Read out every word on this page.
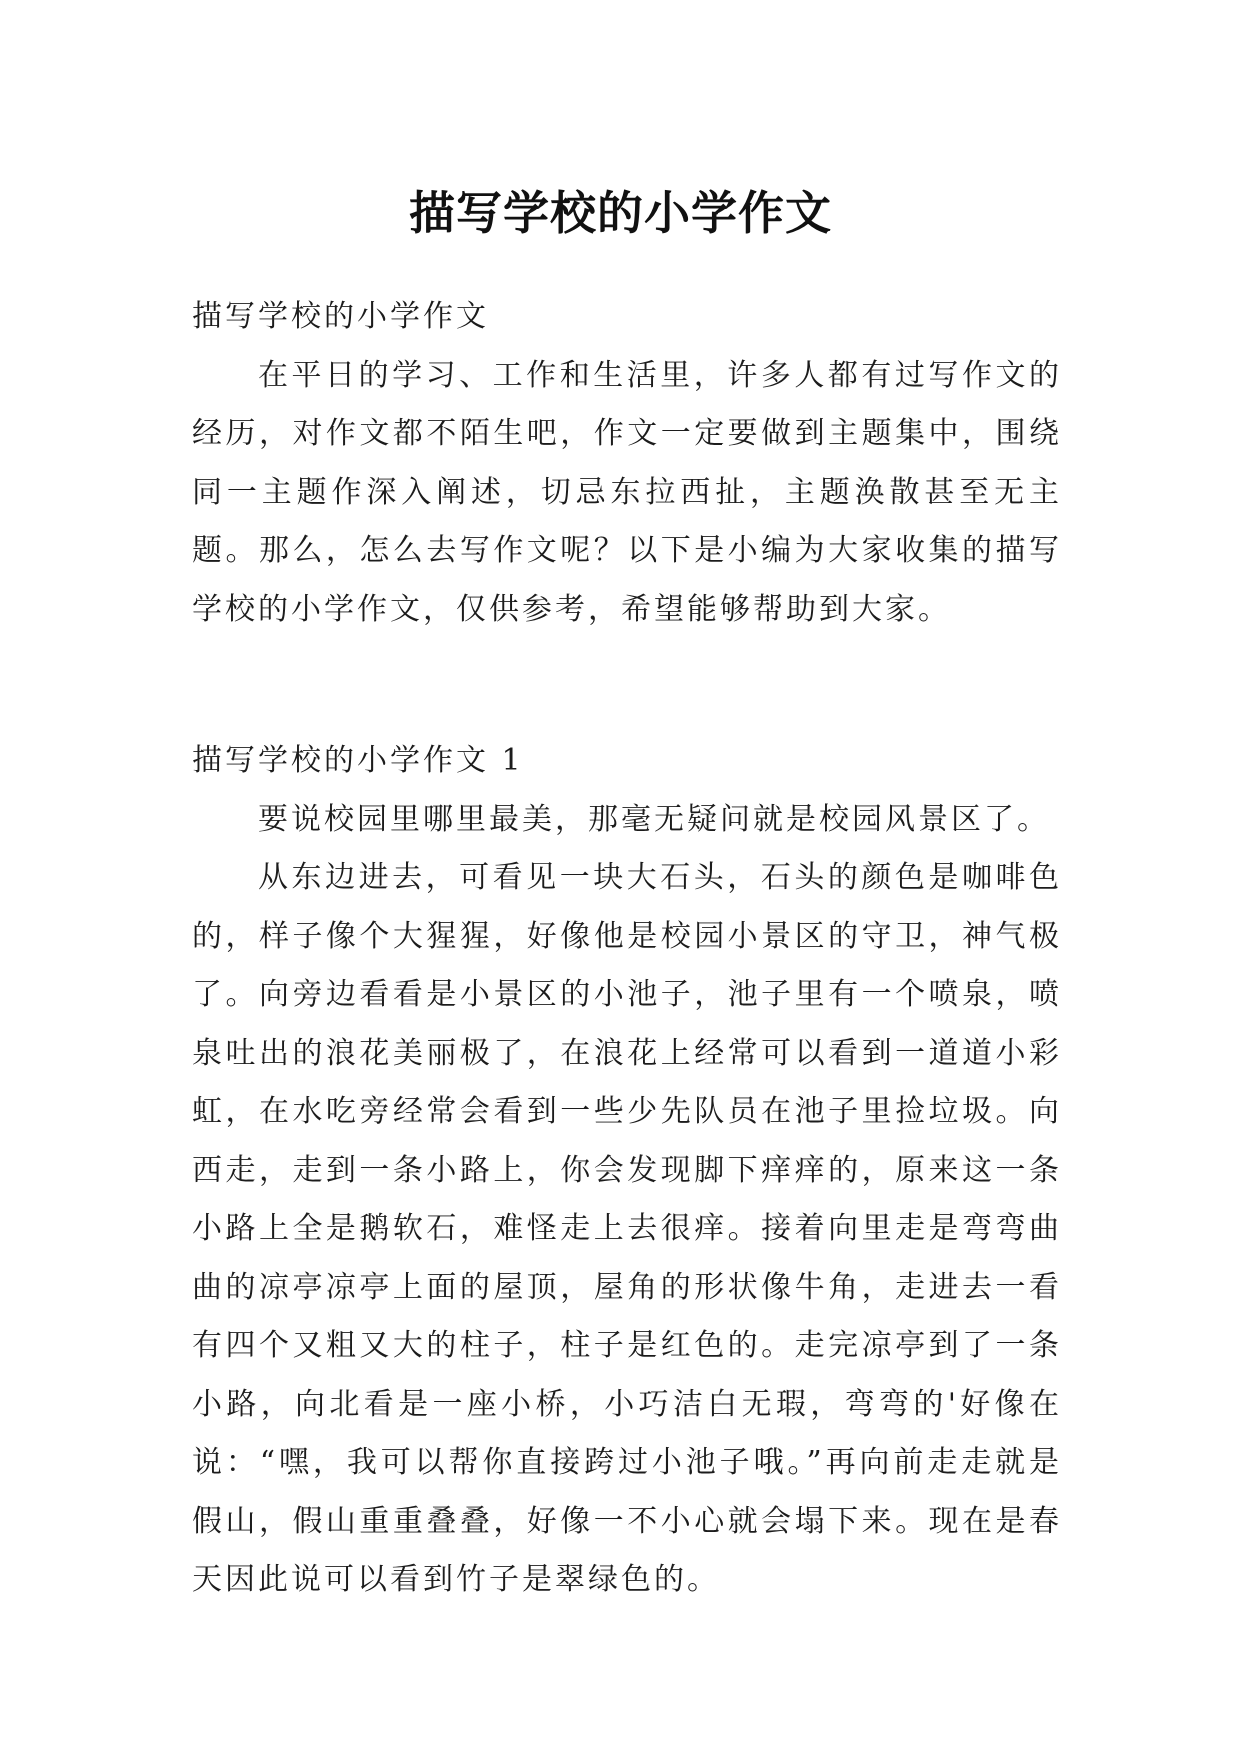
描写学校的小学作文

描写学校的小学作文

在平日的学习、工作和生活里，许多人都有过写作文的经历，对作文都不陌生吧，作文一定要做到主题集中，围绕同一主题作深入阐述，切忌东拉西扯，主题涣散甚至无主题。那么，怎么去写作文呢？以下是小编为大家收集的描写学校的小学作文，仅供参考，希望能够帮助到大家。

描写学校的小学作文 1

要说校园里哪里最美，那毫无疑问就是校园风景区了。

从东边进去，可看见一块大石头，石头的颜色是咖啡色的，样子像个大猩猩，好像他是校园小景区的守卫，神气极了。向旁边看看是小景区的小池子，池子里有一个喷泉，喷泉吐出的浪花美丽极了，在浪花上经常可以看到一道道小彩虹，在水吃旁经常会看到一些少先队员在池子里捡垃圾。向西走，走到一条小路上，你会发现脚下痒痒的，原来这一条小路上全是鹅软石，难怪走上去很痒。接着向里走是弯弯曲曲的凉亭凉亭上面的屋顶，屋角的形状像牛角，走进去一看有四个又粗又大的柱子，柱子是红色的。走完凉亭到了一条小路，向北看是一座小桥，小巧洁白无瑕，弯弯的'好像在说：“嘿，我可以帮你直接跨过小池子哦。”再向前走走就是假山，假山重重叠叠，好像一不小心就会塌下来。现在是春天因此说可以看到竹子是翠绿色的。
